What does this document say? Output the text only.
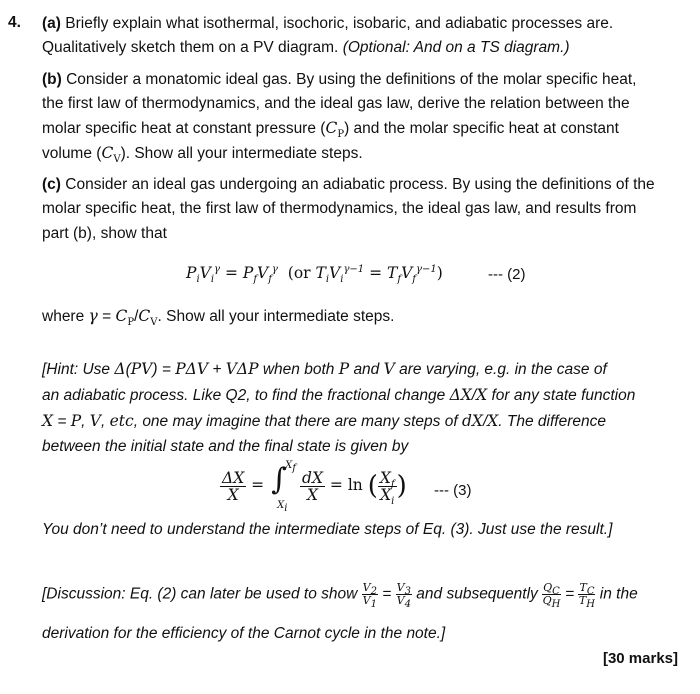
4. (a) Briefly explain what isothermal, isochoric, isobaric, and adiabatic processes are.
Qualitatively sketch them on a PV diagram. (Optional: And on a TS diagram.)
(b) Consider a monatomic ideal gas. By using the definitions of the molar specific heat,
the first law of thermodynamics, and the ideal gas law, derive the relation between the
molar specific heat at constant pressure $(C_P)$ and the molar specific heat at constant
volume $(C_V)$. Show all your intermediate steps.
(c) Consider an ideal gas undergoing an adiabatic process. By using the definitions of the
molar specific heat, the first law of thermodynamics, the ideal gas law, and results from
part (b), show that
$P_iV_i^\gamma = P_fV_f^\gamma$ (or $T_iV_i^{\gamma-1} = T_fV_f^{\gamma-1}$)	--- (2)
where $\gamma = C_P/C_V$. Show all your intermediate steps.
[Hint: Use Δ(PV) = PΔV + VΔP when both P and V are varying, e.g. in the case of
an adiabatic process. Like Q2, to find the fractional change ΔX/X for any state function
X = P, V, etc, one may imagine that there are many steps of dX/X. The difference
between the initial state and the final state is given by
$\frac{\Delta X}{X}$ = ∫
$X_f$
$X_i$

$\frac{dX}{X} = \ln$ ( $\frac{X_f}{X_i}$ ) --- (3)
You don’t need to understand the intermediate steps of Eq. (3). Just use the result.]
[Discussion: Eq. (2) can later be used to show $\frac{V_2}{V_1} = \frac{V_3}{V_4}$ and subsequently $\frac{Q_C}{Q_H} = \frac{T_C}{T_H}$ in the
derivation for the efficiency of the Carnot cycle in the note.]
[30 marks]
